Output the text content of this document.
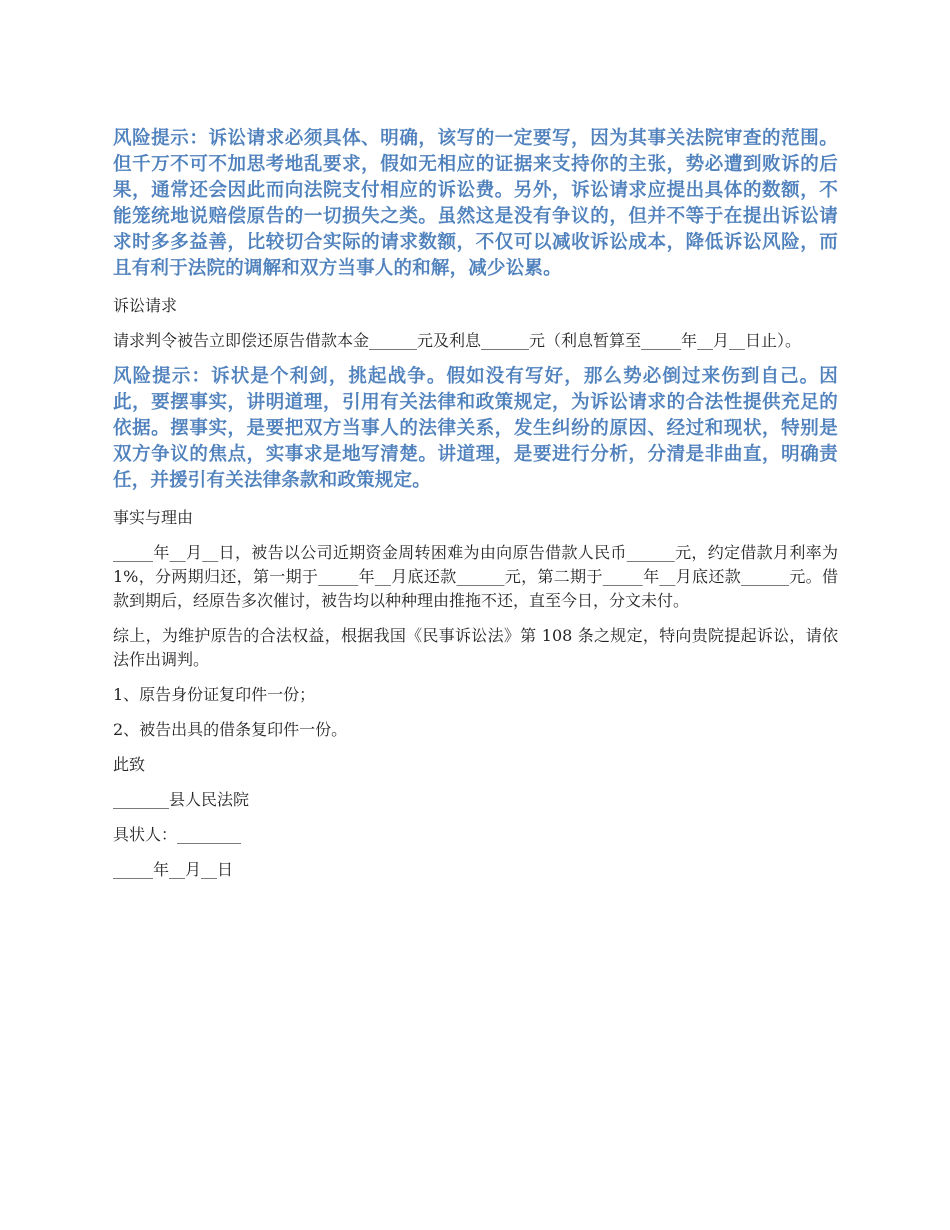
风险提示：诉讼请求必须具体、明确，该写的一定要写，因为其事关法院审查的范围。但千万不可不加思考地乱要求，假如无相应的证据来支持你的主张，势必遭到败诉的后果，通常还会因此而向法院支付相应的诉讼费。另外，诉讼请求应提出具体的数额，不能笼统地说赔偿原告的一切损失之类。虽然这是没有争议的，但并不等于在提出诉讼请求时多多益善，比较切合实际的请求数额，不仅可以减收诉讼成本，降低诉讼风险，而且有利于法院的调解和双方当事人的和解，减少讼累。

诉讼请求

请求判令被告立即偿还原告借款本金______元及利息______元（利息暂算至_____年__月__日止）。

风险提示：诉状是个利剑，挑起战争。假如没有写好，那么势必倒过来伤到自己。因此，要摆事实，讲明道理，引用有关法律和政策规定，为诉讼请求的合法性提供充足的依据。摆事实，是要把双方当事人的法律关系，发生纠纷的原因、经过和现状，特别是双方争议的焦点，实事求是地写清楚。讲道理，是要进行分析，分清是非曲直，明确责任，并援引有关法律条款和政策规定。

事实与理由

_____年__月__日，被告以公司近期资金周转困难为由向原告借款人民币______元，约定借款月利率为 1%，分两期归还，第一期于_____年__月底还款______元，第二期于_____年__月底还款______元。借款到期后，经原告多次催讨，被告均以种种理由推拖不还，直至今日，分文未付。

综上，为维护原告的合法权益，根据我国《民事诉讼法》第 108 条之规定，特向贵院提起诉讼，请依法作出调判。

1、原告身份证复印件一份；

2、被告出具的借条复印件一份。

此致

_______县人民法院

具状人：________

_____年__月__日
